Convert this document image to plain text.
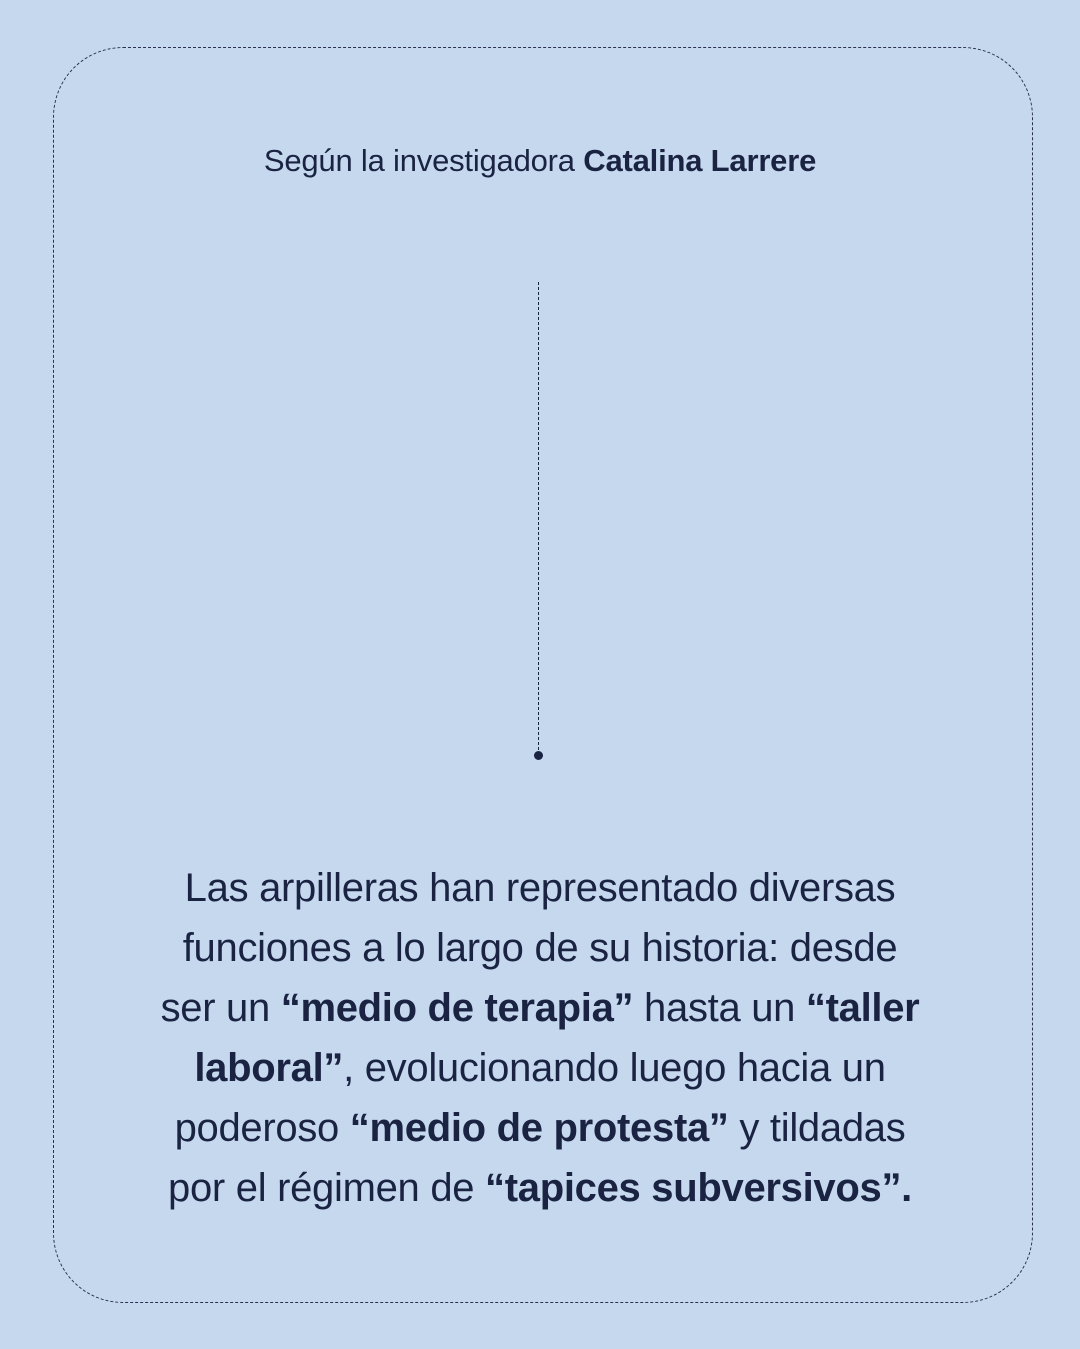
Según la investigadora Catalina Larrere
Las arpilleras han representado diversas
funciones a lo largo de su historia: desde
ser un “medio de terapia” hasta un “taller
laboral”, evolucionando luego hacia un
poderoso “medio de protesta” y tildadas
por el régimen de “tapices subversivos”.
